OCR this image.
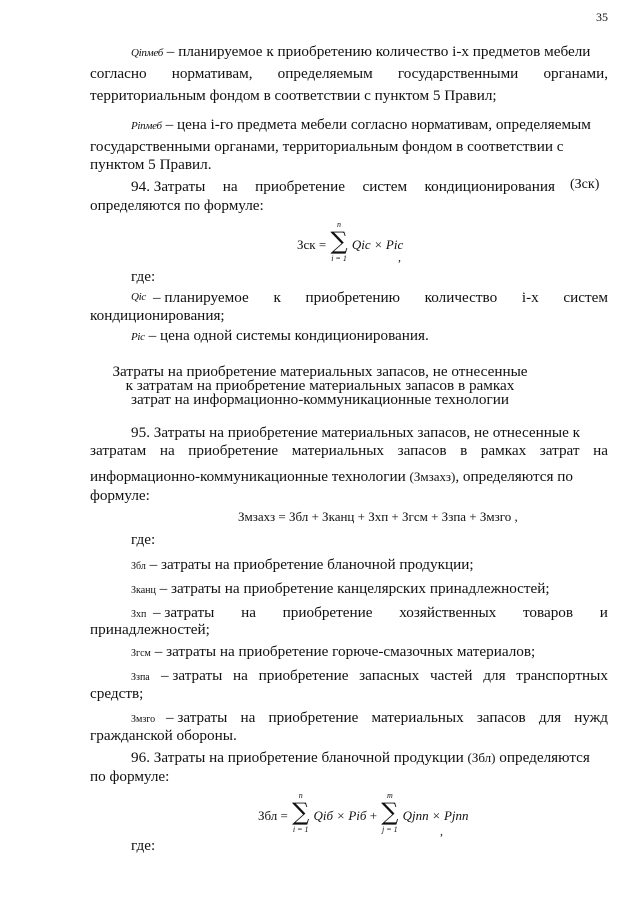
35
Qinмеб – планируемое к приобретению количество i-х предметов мебели
согласно нормативам, определяемым государственными органами,
территориальным фондом в соответствии с пунктом 5 Правил;
Pinмеб – цена i-го предмета мебели согласно нормативам, определяемым
государственными органами, территориальным фондом в соответствии с
пунктом 5 Правил.
94. Затраты на приобретение систем кондиционирования (Зск)
определяются по формуле:
Зск = ∑
n
i = 1
Qic × Pic
,
где:
Qic – планируемое к приобретению количество i-х систем
кондиционирования;
Pic – цена одной системы кондиционирования.
Затраты на приобретение материальных запасов, не отнесенные
к затратам на приобретение материальных запасов в рамках
затрат на информационно-коммуникационные технологии
95. Затраты на приобретение материальных запасов, не отнесенные к
затратам на приобретение материальных запасов в рамках затрат на
информационно-коммуникационные технологии (Змзахз), определяются по
формуле:
Змзахз = Збл + Зканц + Зхп + Згсм + Ззпа + Змзго ,
где:
Збл – затраты на приобретение бланочной продукции;
Зканц – затраты на приобретение канцелярских принадлежностей;
Зхп – затраты на приобретение хозяйственных товаров и
принадлежностей;
Згсм – затраты на приобретение горюче-смазочных материалов;
Ззпа – затраты на приобретение запасных частей для транспортных
средств;
Змзго – затраты на приобретение материальных запасов для нужд
гражданской обороны.
96. Затраты на приобретение бланочной продукции (Збл) определяются
по формуле:
Збл = ∑
n
i = 1
Qiб × Piб + ∑
m
j = 1
Qjпп × Pjпп
,
где:
